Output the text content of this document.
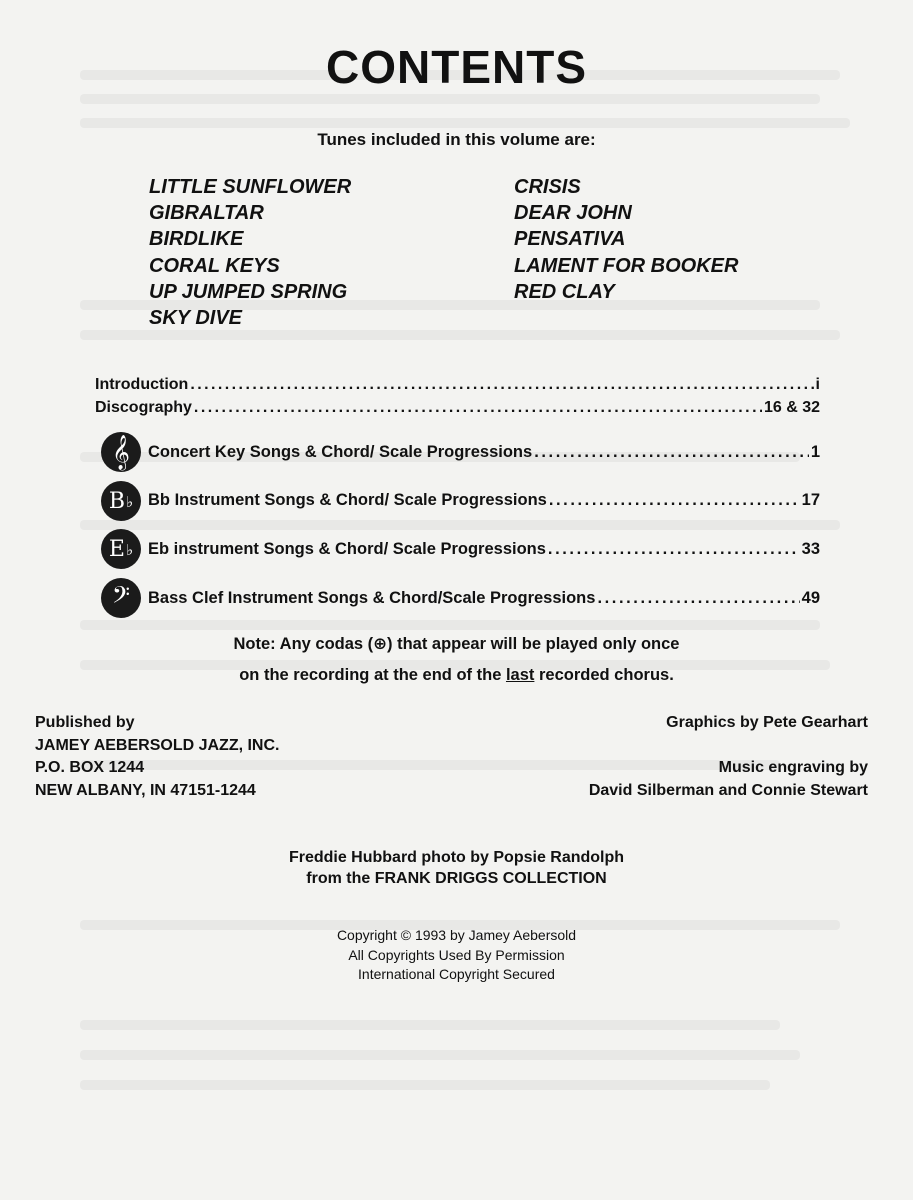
CONTENTS
Tunes included in this volume are:
LITTLE SUNFLOWER
GIBRALTAR
BIRDLIKE
CORAL KEYS
UP JUMPED SPRING
SKY DIVE
CRISIS
DEAR JOHN
PENSATIVA
LAMENT FOR BOOKER
RED CLAY
Introduction . . .	i
Discography . . .	16 & 32
𝄞 Concert Key Songs & Chord/ Scale Progressions . . .	1
B ♭ Bb Instrument Songs & Chord/ Scale Progressions . . .	17
E ♭ Eb instrument Songs & Chord/ Scale Progressions . . .	33
𝄢 Bass Clef Instrument Songs & Chord/Scale Progressions . . .	49
Note: Any codas (⊕) that appear will be played only once
on the recording at the end of the last recorded chorus.
Published by
JAMEY AEBERSOLD JAZZ, INC.
P.O. BOX 1244
NEW ALBANY, IN 47151-1244
Graphics by Pete Gearhart
Music engraving by
David Silberman and Connie Stewart
Freddie Hubbard photo by Popsie Randolph
from the FRANK DRIGGS COLLECTION
Copyright © 1993 by Jamey Aebersold
All Copyrights Used By Permission
International Copyright Secured
